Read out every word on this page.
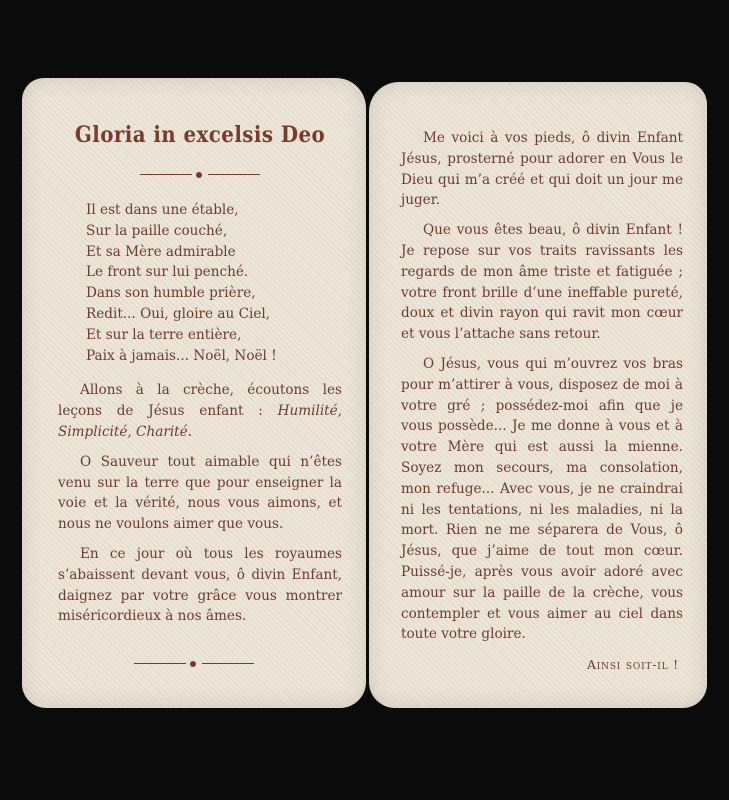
Gloria in excelsis Deo
Il est dans une étable,
Sur la paille couché,
Et sa Mère admirable
Le front sur lui penché.
Dans son humble prière,
Redit... Oui, gloire au Ciel,
Et sur la terre entière,
Paix à jamais... Noël, Noël !

Allons à la crèche, écoutons les leçons de Jésus enfant : Humilité, Simplicité, Charité.

O Sauveur tout aimable qui n’êtes venu sur la terre que pour enseigner la voie et la vérité, nous vous aimons, et nous ne voulons aimer que vous.

En ce jour où tous les royaumes s’abaissent devant vous, ô divin Enfant, daignez par votre grâce vous montrer miséricordieux à nos âmes.

Me voici à vos pieds, ô divin Enfant Jésus, prosterné pour adorer en Vous le Dieu qui m’a créé et qui doit un jour me juger.

Que vous êtes beau, ô divin Enfant ! Je repose sur vos traits ravissants les regards de mon âme triste et fatiguée ; votre front brille d’une ineffable pureté, doux et divin rayon qui ravit mon cœur et vous l’attache sans retour.

O Jésus, vous qui m’ouvrez vos bras pour m’attirer à vous, disposez de moi à votre gré ; possédez-moi afin que je vous possède... Je me donne à vous et à votre Mère qui est aussi la mienne. Soyez mon secours, ma consolation, mon refuge... Avec vous, je ne craindrai ni les tentations, ni les maladies, ni la mort. Rien ne me séparera de Vous, ô Jésus, que j’aime de tout mon cœur. Puissé-je, après vous avoir adoré avec amour sur la paille de la crèche, vous contempler et vous aimer au ciel dans toute votre gloire.

Ainsi soit-il !
